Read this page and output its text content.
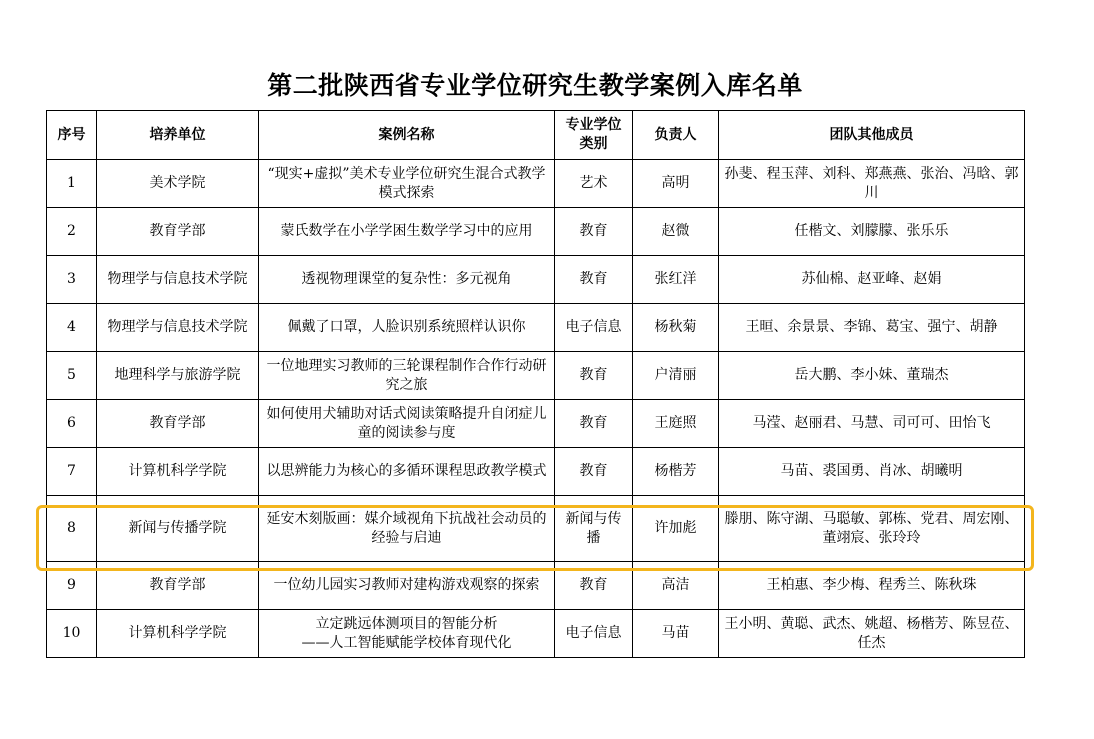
第二批陕西省专业学位研究生教学案例入库名单
序号	培养单位	案例名称	专业学位类别	负责人	团队其他成员
1	美术学院	“现实+虚拟”美术专业学位研究生混合式教学模式探索	艺术	高明	孙斐、程玉萍、刘科、郑燕燕、张治、冯晗、郭川
2	教育学部	蒙氏数学在小学学困生数学学习中的应用	教育	赵微	任楷文、刘朦朦、张乐乐
3	物理学与信息技术学院	透视物理课堂的复杂性：多元视角	教育	张红洋	苏仙棉、赵亚峰、赵娟
4	物理学与信息技术学院	佩戴了口罩，人脸识别系统照样认识你	电子信息	杨秋菊	王晅、余景景、李锦、葛宝、强宁、胡静
5	地理科学与旅游学院	一位地理实习教师的三轮课程制作合作行动研究之旅	教育	户清丽	岳大鹏、李小妹、董瑞杰
6	教育学部	如何使用犬辅助对话式阅读策略提升自闭症儿童的阅读参与度	教育	王庭照	马滢、赵丽君、马慧、司可可、田怡飞
7	计算机科学学院	以思辨能力为核心的多循环课程思政教学模式	教育	杨楷芳	马苗、裘国勇、肖冰、胡曦明
8	新闻与传播学院	延安木刻版画：媒介域视角下抗战社会动员的经验与启迪	新闻与传播	许加彪	滕朋、陈守湖、马聪敏、郭栋、党君、周宏刚、董翊宸、张玲玲
9	教育学部	一位幼儿园实习教师对建构游戏观察的探索	教育	高洁	王柏惠、李少梅、程秀兰、陈秋珠
10	计算机科学学院	立定跳远体测项目的智能分析
——人工智能赋能学校体育现代化	电子信息	马苗	王小明、黄聪、武杰、姚超、杨楷芳、陈昱莅、任杰
